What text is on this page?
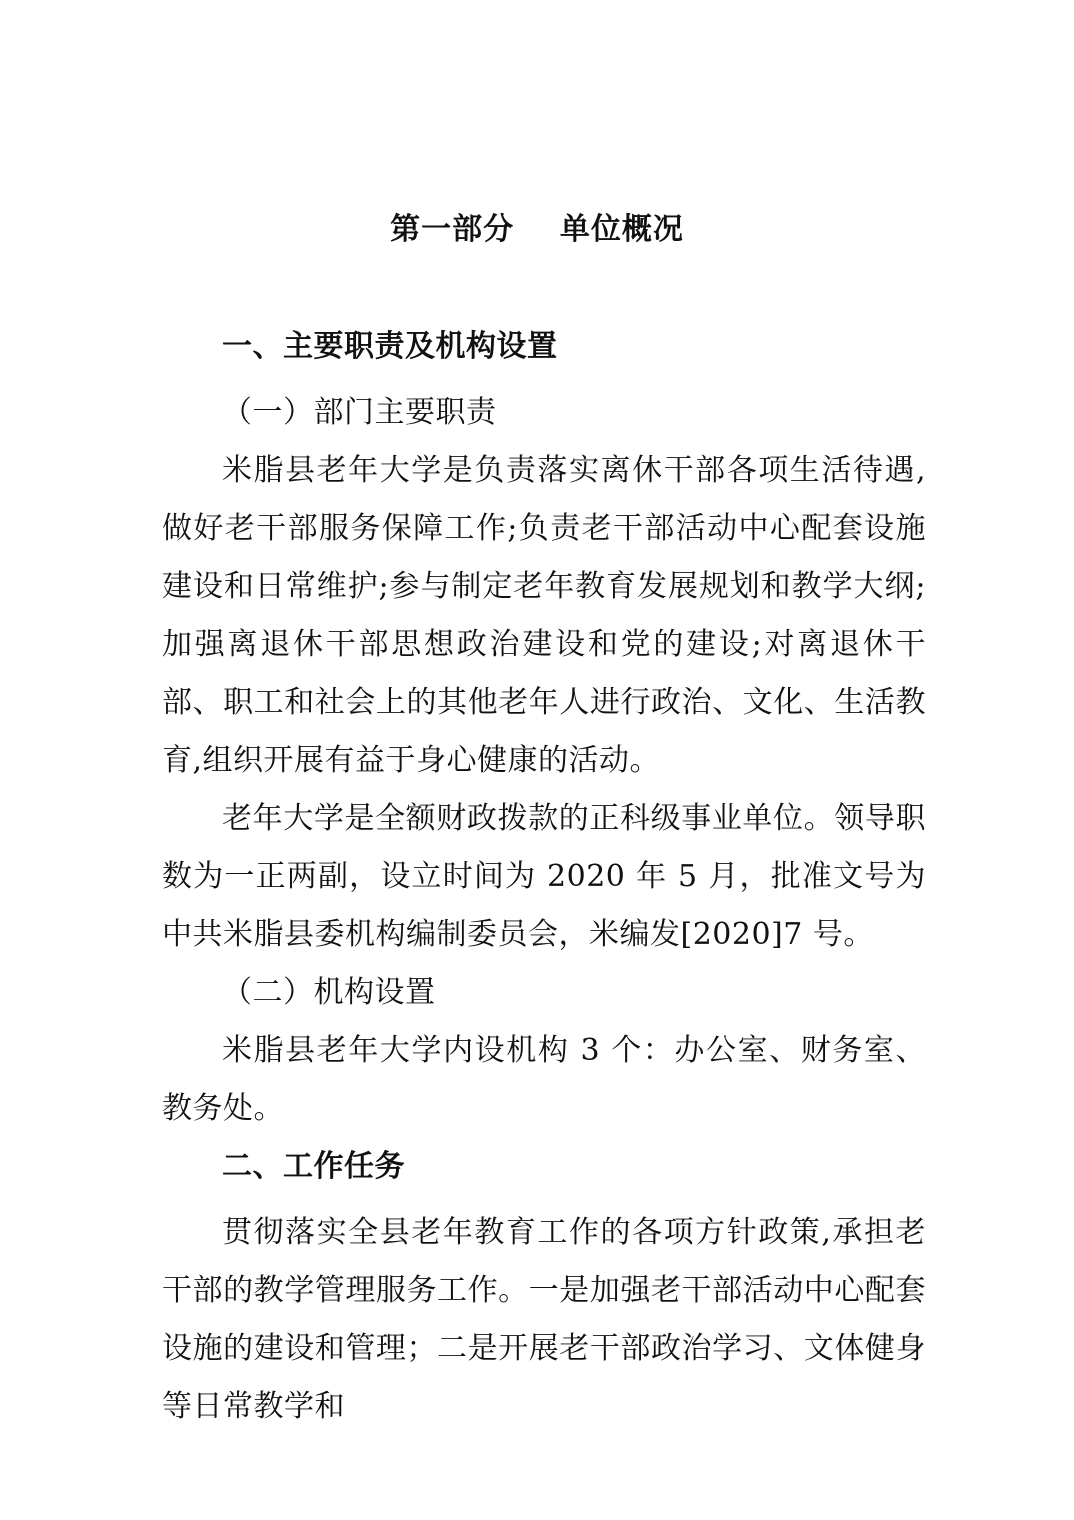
第一部分    单位概况

一、主要职责及机构设置

（一）部门主要职责

米脂县老年大学是负责落实离休干部各项生活待遇,做好老干部服务保障工作;负责老干部活动中心配套设施建设和日常维护;参与制定老年教育发展规划和教学大纲;加强离退休干部思想政治建设和党的建设;对离退休干部、职工和社会上的其他老年人进行政治、文化、生活教育,组织开展有益于身心健康的活动。

老年大学是全额财政拨款的正科级事业单位。领导职数为一正两副，设立时间为 2020 年 5 月，批准文号为中共米脂县委机构编制委员会，米编发[2020]7 号。

（二）机构设置

米脂县老年大学内设机构 3 个：办公室、财务室、教务处。

二、工作任务

贯彻落实全县老年教育工作的各项方针政策,承担老干部的教学管理服务工作。一是加强老干部活动中心配套设施的建设和管理；二是开展老干部政治学习、文体健身等日常教学和
